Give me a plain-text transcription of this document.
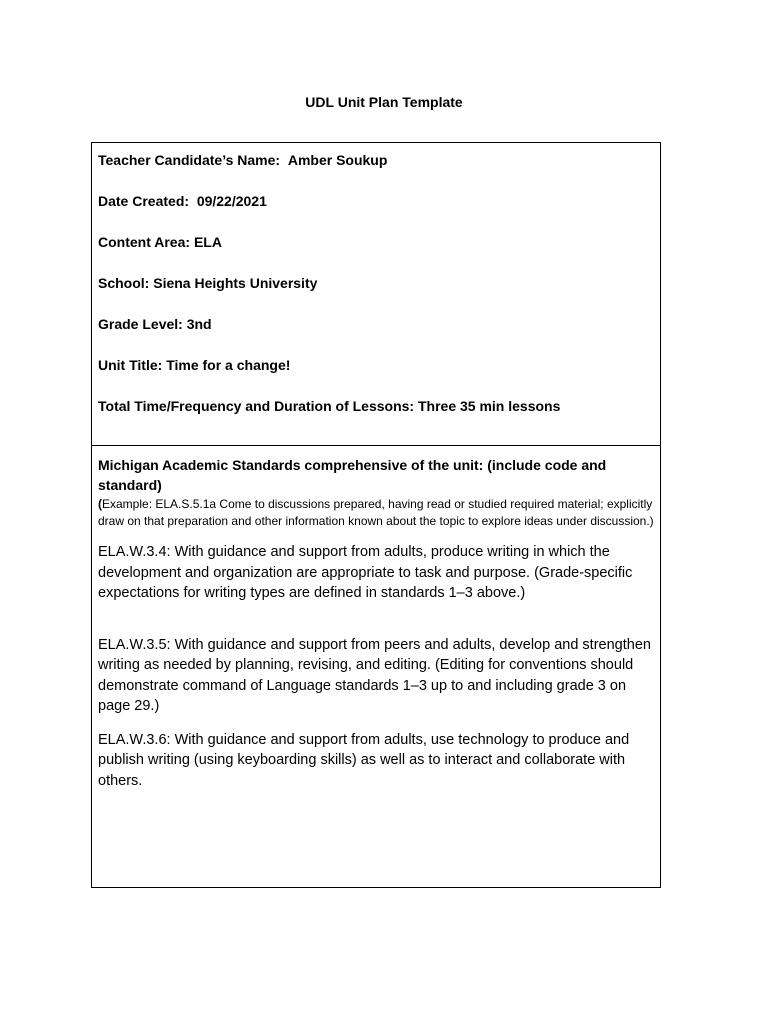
UDL Unit Plan Template
Teacher Candidate’s Name: Amber Soukup
Date Created: 09/22/2021
Content Area: ELA
School: Siena Heights University
Grade Level: 3nd
Unit Title: Time for a change!
Total Time/Frequency and Duration of Lessons: Three 35 min lessons
Michigan Academic Standards comprehensive of the unit: (include code and standard)
(Example: ELA.S.5.1a Come to discussions prepared, having read or studied required material; explicitly draw on that preparation and other information known about the topic to explore ideas under discussion.)
ELA.W.3.4: With guidance and support from adults, produce writing in which the development and organization are appropriate to task and purpose. (Grade-specific expectations for writing types are defined in standards 1–3 above.)
ELA.W.3.5: With guidance and support from peers and adults, develop and strengthen writing as needed by planning, revising, and editing. (Editing for conventions should demonstrate command of Language standards 1–3 up to and including grade 3 on page 29.)
ELA.W.3.6: With guidance and support from adults, use technology to produce and publish writing (using keyboarding skills) as well as to interact and collaborate with others.
